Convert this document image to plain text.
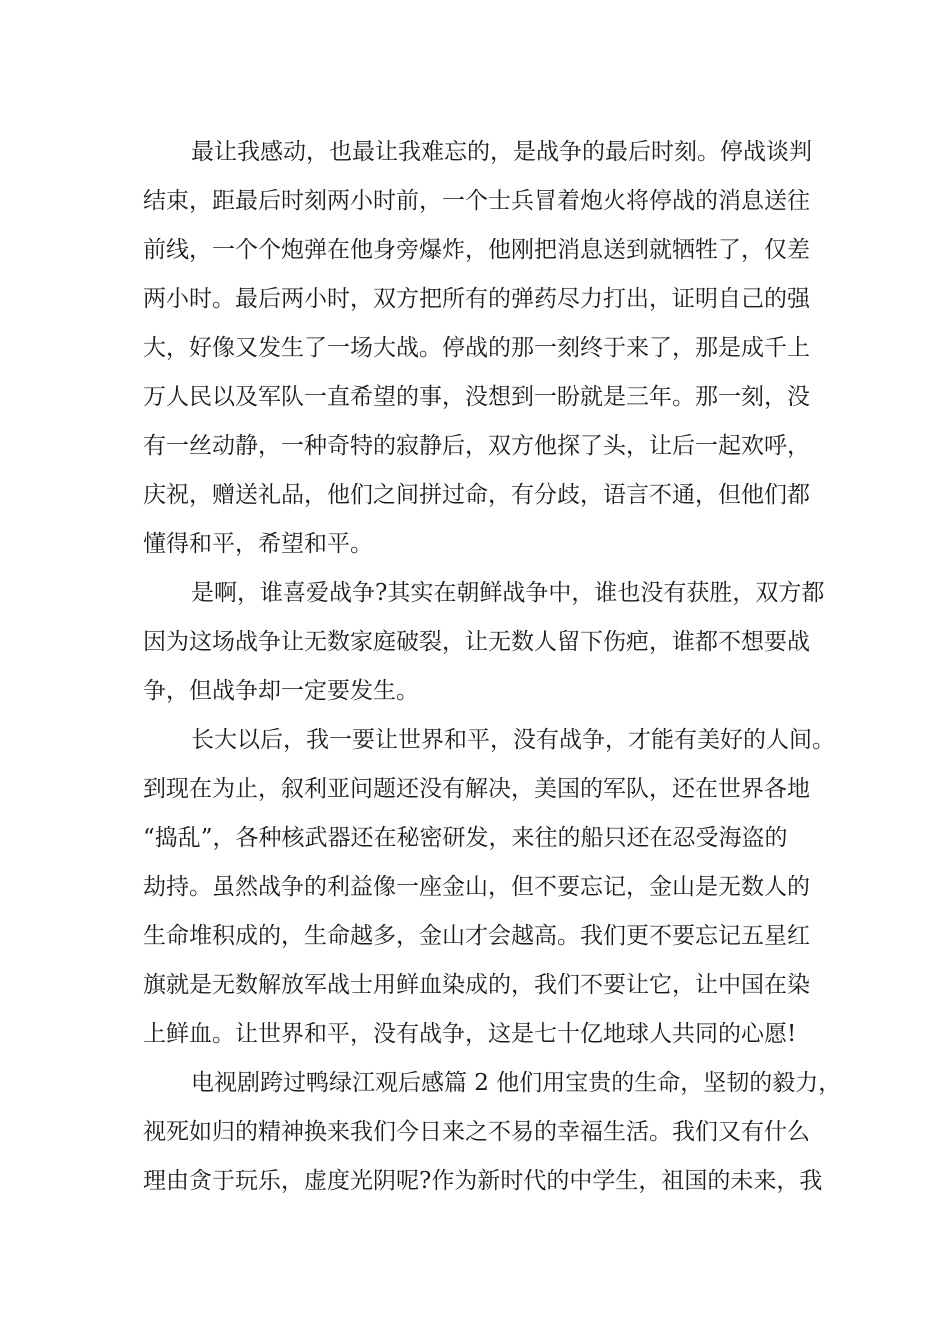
最让我感动，也最让我难忘的，是战争的最后时刻。停战谈判
结束，距最后时刻两小时前，一个士兵冒着炮火将停战的消息送往
前线，一个个炮弹在他身旁爆炸，他刚把消息送到就牺牲了，仅差
两小时。最后两小时，双方把所有的弹药尽力打出，证明自己的强
大，好像又发生了一场大战。停战的那一刻终于来了，那是成千上
万人民以及军队一直希望的事，没想到一盼就是三年。那一刻，没
有一丝动静，一种奇特的寂静后，双方他探了头，让后一起欢呼，
庆祝，赠送礼品，他们之间拼过命，有分歧，语言不通，但他们都
懂得和平，希望和平。
是啊，谁喜爱战争?其实在朝鲜战争中，谁也没有获胜，双方都
因为这场战争让无数家庭破裂，让无数人留下伤疤，谁都不想要战
争，但战争却一定要发生。
长大以后，我一要让世界和平，没有战争，才能有美好的人间。
到现在为止，叙利亚问题还没有解决，美国的军队，还在世界各地
“捣乱”，各种核武器还在秘密研发，来往的船只还在忍受海盗的
劫持。虽然战争的利益像一座金山，但不要忘记，金山是无数人的
生命堆积成的，生命越多，金山才会越高。我们更不要忘记五星红
旗就是无数解放军战士用鲜血染成的，我们不要让它，让中国在染
上鲜血。让世界和平，没有战争，这是七十亿地球人共同的心愿!
电视剧跨过鸭绿江观后感篇 2 他们用宝贵的生命，坚韧的毅力，
视死如归的精神换来我们今日来之不易的幸福生活。我们又有什么
理由贪于玩乐，虚度光阴呢?作为新时代的中学生，祖国的未来，我
